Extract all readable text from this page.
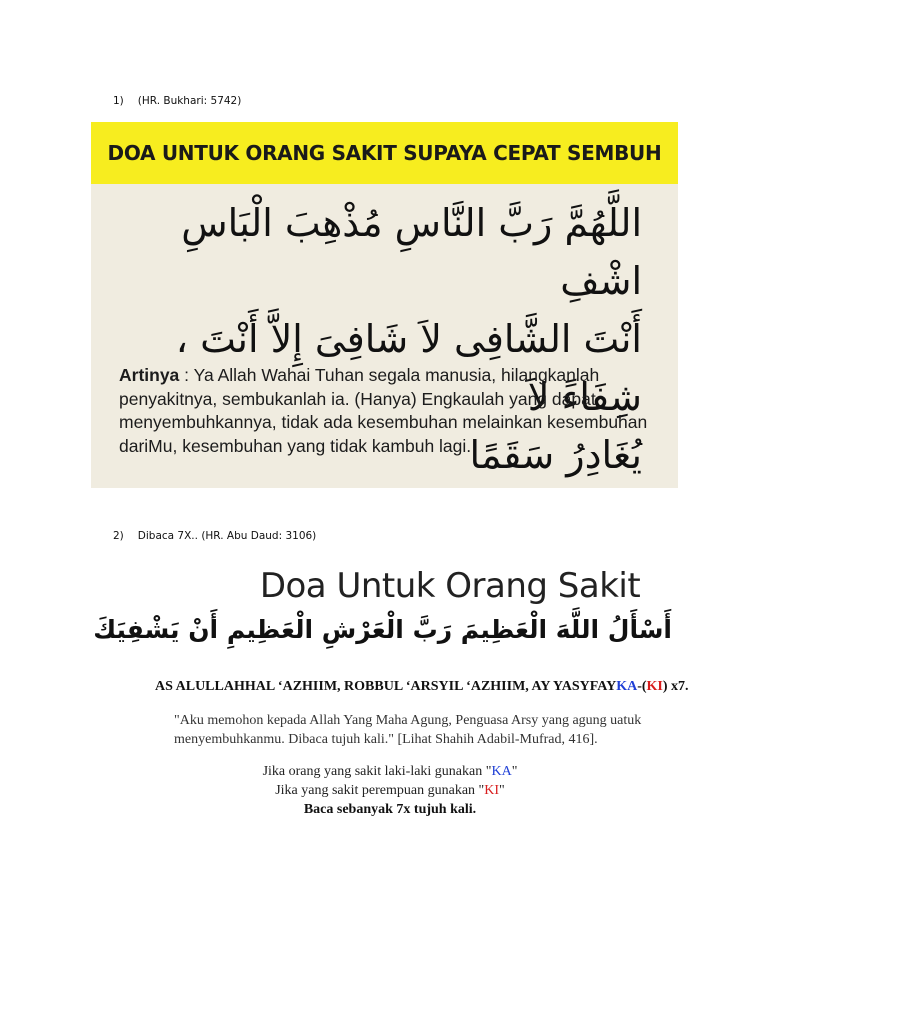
1) (HR. Bukhari: 5742)
DOA UNTUK ORANG SAKIT SUPAYA CEPAT SEMBUH
اللَّهُمَّ رَبَّ النَّاسِ مُذْهِبَ الْبَاسِ اشْفِ
أَنْتَ الشَّافِى لاَ شَافِىَ إِلاَّ أَنْتَ ، شِفَاءً لاَ
يُغَادِرُ سَقَمًا
Artinya : Ya Allah Wahai Tuhan segala manusia, hilangkanlah penyakitnya, sembukanlah ia. (Hanya) Engkaulah yang dapat menyembuhkannya, tidak ada kesembuhan melainkan kesembuhan dariMu, kesembuhan yang tidak kambuh lagi.
2) Dibaca 7X.. (HR. Abu Daud: 3106)
Doa Untuk Orang Sakit
أَسْأَلُ اللَّهَ الْعَظِيمَ رَبَّ الْعَرْشِ الْعَظِيمِ أَنْ يَشْفِيَكَ
AS ALULLAHHAL ‘AZHIIM, ROBBUL ‘ARSYIL ‘AZHIIM, AY YASYFAYKA-(KI) x7.
"Aku memohon kepada Allah Yang Maha Agung, Penguasa Arsy yang agung uatuk menyembuhkanmu. Dibaca tujuh kali." [Lihat Shahih Adabil-Mufrad, 416].
Jika orang yang sakit laki-laki gunakan "KA"
Jika yang sakit perempuan gunakan "KI"
Baca sebanyak 7x tujuh kali.
